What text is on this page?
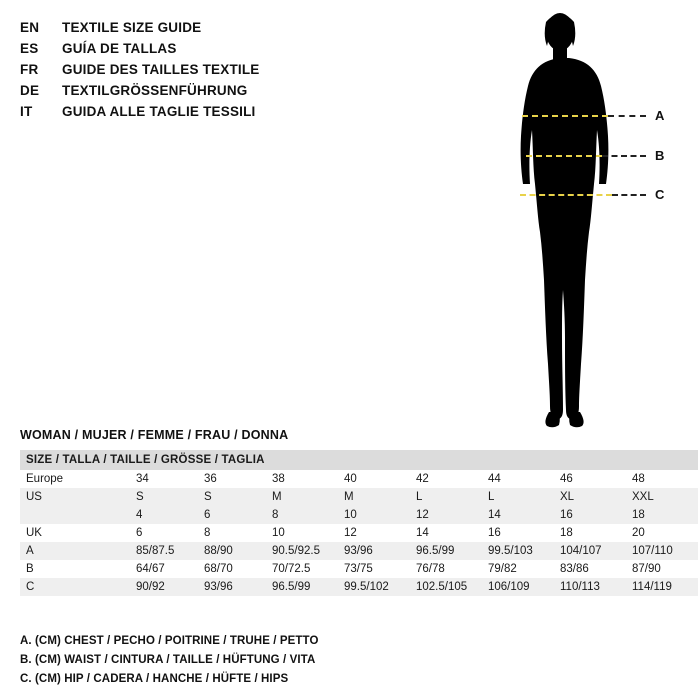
EN	TEXTILE SIZE GUIDE
ES	GUÍA DE TALLAS
FR	GUIDE DES TAILLES TEXTILE
DE	TEXTILGRÖSSENFÜHRUNG
IT	GUIDA ALLE TAGLIE TESSILI	A
B
C
WOMAN / MUJER / FEMME / FRAU / DONNA
SIZE / TALLA / TAILLE / GRÖSSE / TAGLIA								
Europe	34	36	38	40	42	44	46	48
US	S	S	M	M	L	L	XL	XXL
	4	6	8	10	12	14	16	18
UK	6	8	10	12	14	16	18	20
A	85/87.5	88/90	90.5/92.5	93/96	96.5/99	99.5/103	104/107	107/110
B	64/67	68/70	70/72.5	73/75	76/78	79/82	83/86	87/90
C	90/92	93/96	96.5/99	99.5/102	102.5/105	106/109	110/113	114/119
A. (CM) CHEST / PECHO / POITRINE / TRUHE / PETTO
B. (CM) WAIST / CINTURA / TAILLE / HÜFTUNG / VITA
C. (CM) HIP / CADERA / HANCHE / HÜFTE / HIPS
